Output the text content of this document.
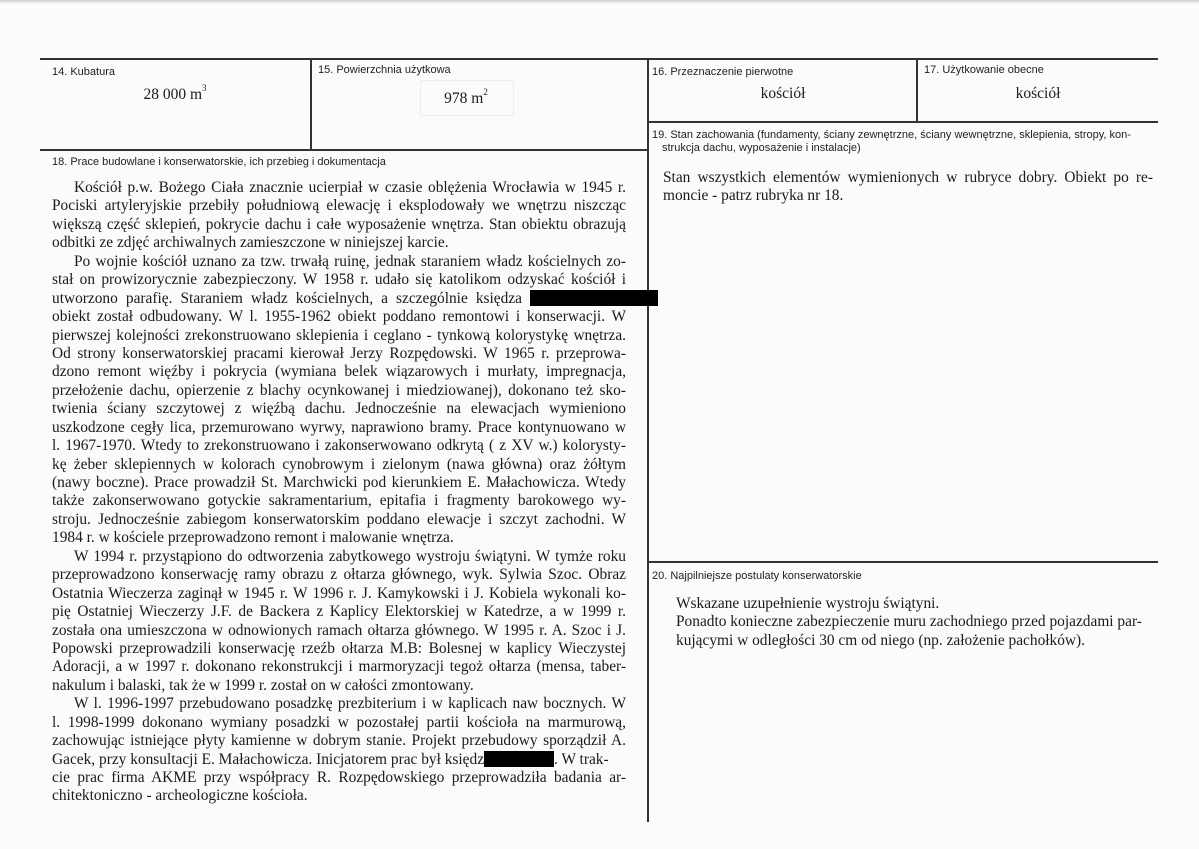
14. Kubatura
28 000 $m^3$
15. Powierzchnia użytkowa
978 $m^2$
16. Przeznaczenie pierwotne
kościół
17. Użytkowanie obecne
kościół
19. Stan zachowania (fundamenty, ściany zewnętrzne, ściany wewnętrzne, sklepienia, stropy, kon-
strukcja dachu, wyposażenie i instalacje)
Stan wszystkich elementów wymienionych w rubryce dobry. Obiekt po re-
moncie - patrz rubryka nr 18.
20. Najpilniejsze postulaty konserwatorskie
Wskazane uzupełnienie wystroju świątyni.
Ponadto konieczne zabezpieczenie muru zachodniego przed pojazdami par-
kującymi w odległości 30 cm od niego (np. założenie pachołków).
18. Prace budowlane i konserwatorskie, ich przebieg i dokumentacja
Kościół p.w. Bożego Ciała znacznie ucierpiał w czasie oblężenia Wrocławia w 1945 r.
Pociski artyleryjskie przebiły południową elewację i eksplodowały we wnętrzu niszcząc
większą część sklepień, pokrycie dachu i całe wyposażenie wnętrza. Stan obiektu obrazują
odbitki ze zdjęć archiwalnych zamieszczone w niniejszej karcie.
Po wojnie kościół uznano za tzw. trwałą ruinę, jednak staraniem władz kościelnych zo-
stał on prowizorycznie zabezpieczony. W 1958 r. udało się katolikom odzyskać kościół i
utworzono parafię. Staraniem władz kościelnych, a szczególnie księdza
obiekt został odbudowany. W l. 1955-1962 obiekt poddano remontowi i konserwacji. W
pierwszej kolejności zrekonstruowano sklepienia i ceglano - tynkową kolorystykę wnętrza.
Od strony konserwatorskiej pracami kierował Jerzy Rozpędowski. W 1965 r. przeprowa-
dzono remont więźby i pokrycia (wymiana belek wiązarowych i murłaty, impregnacja,
przełożenie dachu, opierzenie z blachy ocynkowanej i miedziowanej), dokonano też sko-
twienia ściany szczytowej z więźbą dachu. Jednocześnie na elewacjach wymieniono
uszkodzone cegły lica, przemurowano wyrwy, naprawiono bramy. Prace kontynuowano w
l. 1967-1970. Wtedy to zrekonstruowano i zakonserwowano odkrytą ( z XV w.) kolorysty-
kę żeber sklepiennych w kolorach cynobrowym i zielonym (nawa główna) oraz żółtym
(nawy boczne). Prace prowadził St. Marchwicki pod kierunkiem E. Małachowicza. Wtedy
także zakonserwowano gotyckie sakramentarium, epitafia i fragmenty barokowego wy-
stroju. Jednocześnie zabiegom konserwatorskim poddano elewacje i szczyt zachodni. W
1984 r. w kościele przeprowadzono remont i malowanie wnętrza.
W 1994 r. przystąpiono do odtworzenia zabytkowego wystroju świątyni. W tymże roku
przeprowadzono konserwację ramy obrazu z ołtarza głównego, wyk. Sylwia Szoc. Obraz
Ostatnia Wieczerza zaginął w 1945 r. W 1996 r. J. Kamykowski i J. Kobiela wykonali ko-
pię Ostatniej Wieczerzy J.F. de Backera z Kaplicy Elektorskiej w Katedrze, a w 1999 r.
została ona umieszczona w odnowionych ramach ołtarza głównego. W 1995 r. A. Szoc i J.
Popowski przeprowadzili konserwację rzeźb ołtarza M.B: Bolesnej w kaplicy Wieczystej
Adoracji, a w 1997 r. dokonano rekonstrukcji i marmoryzacji tegoż ołtarza (mensa, taber-
nakulum i balaski, tak że w 1999 r. został on w całości zmontowany.
W l. 1996-1997 przebudowano posadzkę prezbiterium i w kaplicach naw bocznych. W
l. 1998-1999 dokonano wymiany posadzki w pozostałej partii kościoła na marmurową,
zachowując istniejące płyty kamienne w dobrym stanie. Projekt przebudowy sporządził A.
Gacek, przy konsultacji E. Małachowicza. Inicjatorem prac był księdz	. W trak-
cie prac firma AKME przy współpracy R. Rozpędowskiego przeprowadziła badania ar-
chitektoniczno - archeologiczne kościoła.
